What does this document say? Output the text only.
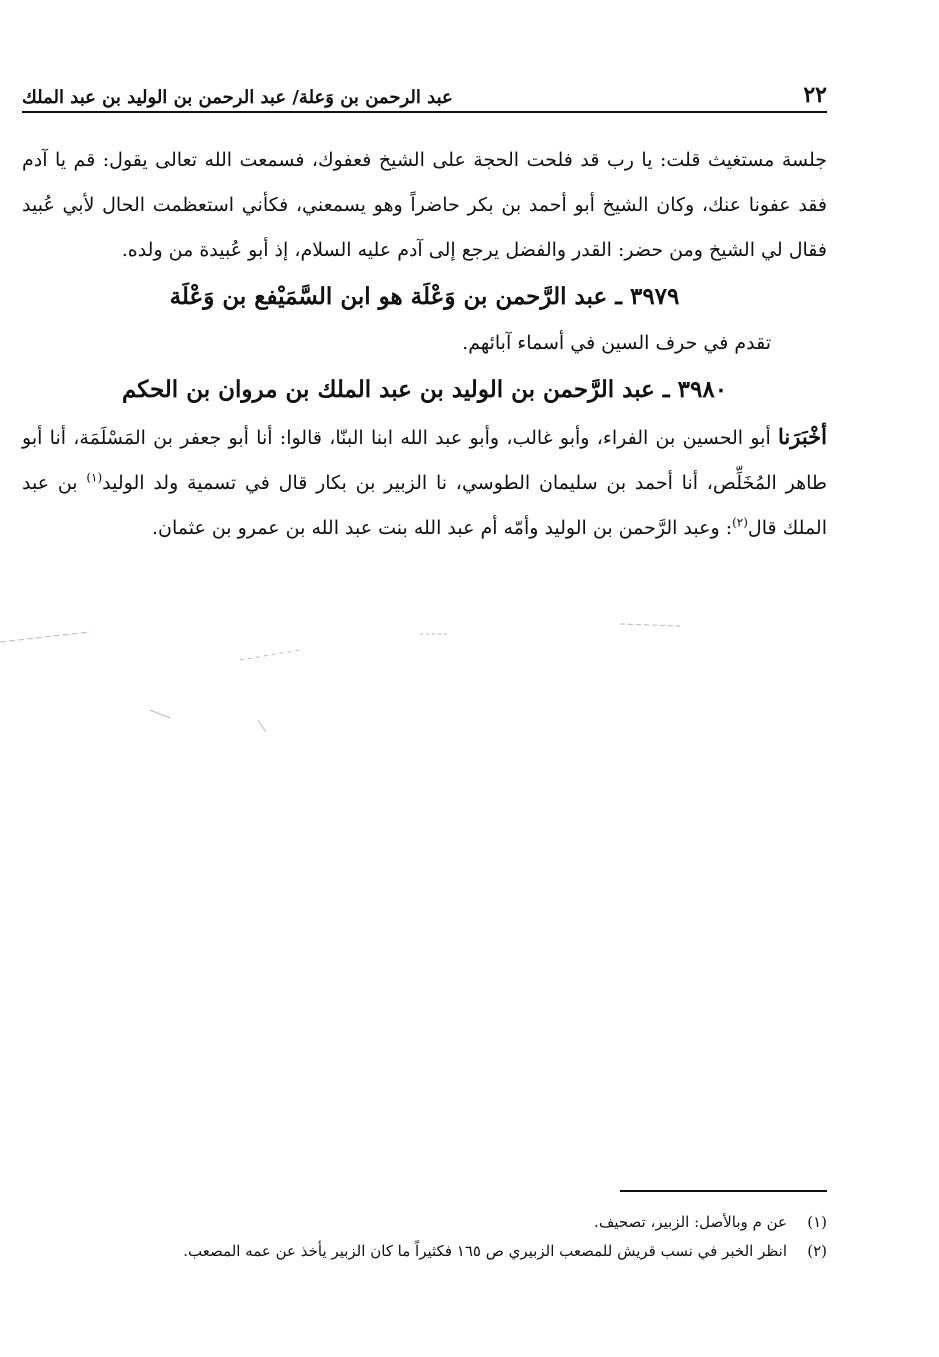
٢٢
عبد الرحمن بن وَعلة/ عبد الرحمن بن الوليد بن عبد الملك

جلسة مستغيث قلت: يا رب قد فلحت الحجة على الشيخ فعفوك، فسمعت الله تعالى يقول: قم يا آدم فقد عفونا عنك، وكان الشيخ أبو أحمد بن بكر حاضراً وهو يسمعني، فكأني استعظمت الحال لأبي عُبيد فقال لي الشيخ ومن حضر: القدر والفضل يرجع إلى آدم عليه السلام، إذ أبو عُبيدة من ولده.

٣٩٧٩ ـ عبد الرَّحمن بن وَعْلَة هو ابن السَّمَيْفع بن وَعْلَة

تقدم في حرف السين في أسماء آبائهم.

٣٩٨٠ ـ عبد الرَّحمن بن الوليد بن عبد الملك بن مروان بن الحكم

أخْبَرَنا أبو الحسين بن الفراء، وأبو غالب، وأبو عبد الله ابنا البنّا، قالوا: أنا أبو جعفر بن المَسْلَمَة، أنا أبو طاهر المُخَلِّص، أنا أحمد بن سليمان الطوسي، نا الزبير بن بكار قال في تسمية ولد الوليد$^{(١)}$ بن عبد الملك قال$^{(٢)}$: وعبد الرَّحمن بن الوليد وأمّه أم عبد الله بنت عبد الله بن عمرو بن عثمان.

(١)
عن م وبالأصل: الزبير، تصحيف.

(٢)
انظر الخبر في نسب قريش للمصعب الزبيري ص ١٦٥ فكثيراً ما كان الزبير يأخذ عن عمه المصعب.
